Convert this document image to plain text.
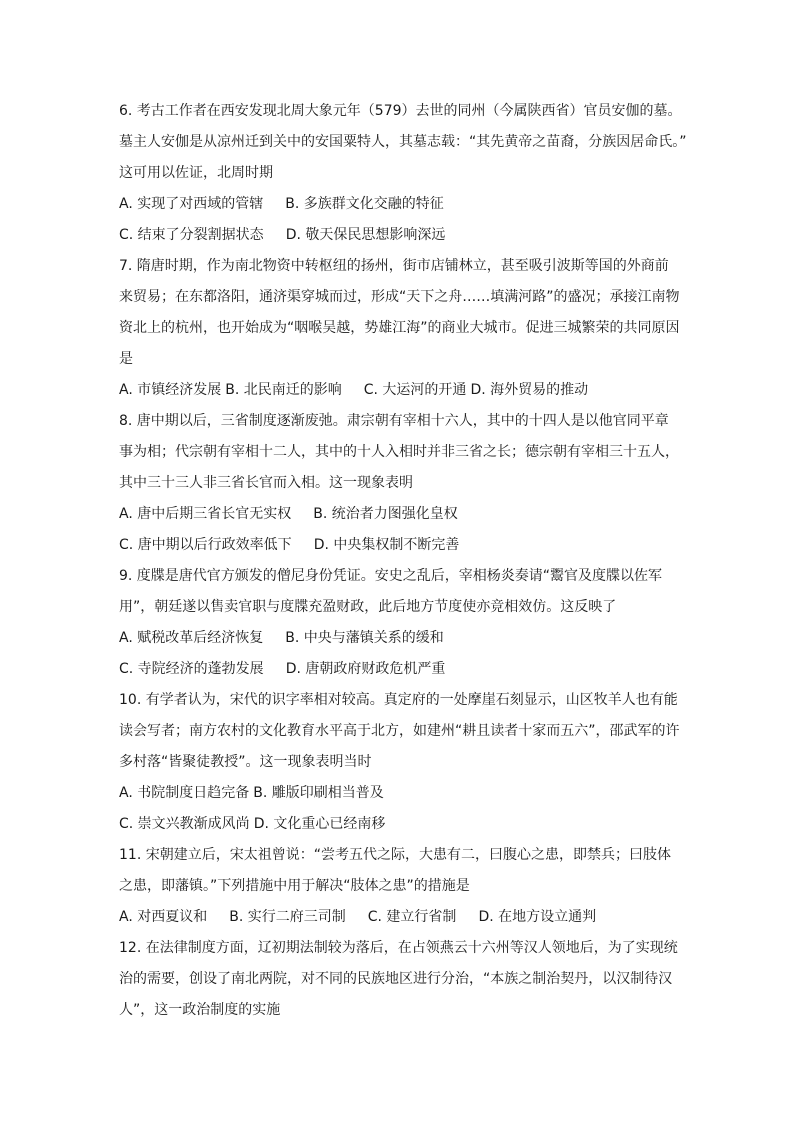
6. 考古工作者在西安发现北周大象元年（579）去世的同州（今属陕西省）官员安伽的墓。
墓主人安伽是从凉州迁到关中的安国粟特人，其墓志载：“其先黄帝之苗裔，分族因居命氏。”
这可用以佐证，北周时期
A. 实现了对西域的管辖 B. 多族群文化交融的特征
C. 结束了分裂割据状态 D. 敬天保民思想影响深远
7. 隋唐时期，作为南北物资中转枢纽的扬州，街市店铺林立，甚至吸引波斯等国的外商前
来贸易；在东都洛阳，通济渠穿城而过，形成“天下之舟……填满河路”的盛况；承接江南物
资北上的杭州，也开始成为“咽喉吴越，势雄江海”的商业大城市。促进三城繁荣的共同原因
是
A. 市镇经济发展 B. 北民南迁的影响 C. 大运河的开通 D. 海外贸易的推动
8. 唐中期以后，三省制度逐渐废弛。肃宗朝有宰相十六人，其中的十四人是以他官同平章
事为相；代宗朝有宰相十二人，其中的十人入相时并非三省之长；德宗朝有宰相三十五人，
其中三十三人非三省长官而入相。这一现象表明
A. 唐中后期三省长官无实权 B. 统治者力图强化皇权
C. 唐中期以后行政效率低下 D. 中央集权制不断完善
9. 度牒是唐代官方颁发的僧尼身份凭证。安史之乱后，宰相杨炎奏请“鬻官及度牒以佐军
用”，朝廷遂以售卖官职与度牒充盈财政，此后地方节度使亦竞相效仿。这反映了
A. 赋税改革后经济恢复 B. 中央与藩镇关系的缓和
C. 寺院经济的蓬勃发展 D. 唐朝政府财政危机严重
10. 有学者认为，宋代的识字率相对较高。真定府的一处摩崖石刻显示，山区牧羊人也有能
读会写者；南方农村的文化教育水平高于北方，如建州“耕且读者十家而五六”，邵武军的许
多村落“皆聚徒教授”。这一现象表明当时
A. 书院制度日趋完备 B. 雕版印刷相当普及
C. 崇文兴教渐成风尚 D. 文化重心已经南移
11. 宋朝建立后，宋太祖曾说：“尝考五代之际，大患有二，曰腹心之患，即禁兵；曰肢体
之患，即藩镇。”下列措施中用于解决“肢体之患”的措施是
A. 对西夏议和 B. 实行二府三司制 C. 建立行省制 D. 在地方设立通判
12. 在法律制度方面，辽初期法制较为落后，在占领燕云十六州等汉人领地后，为了实现统
治的需要，创设了南北两院，对不同的民族地区进行分治，“本族之制治契丹，以汉制待汉
人”，这一政治制度的实施
